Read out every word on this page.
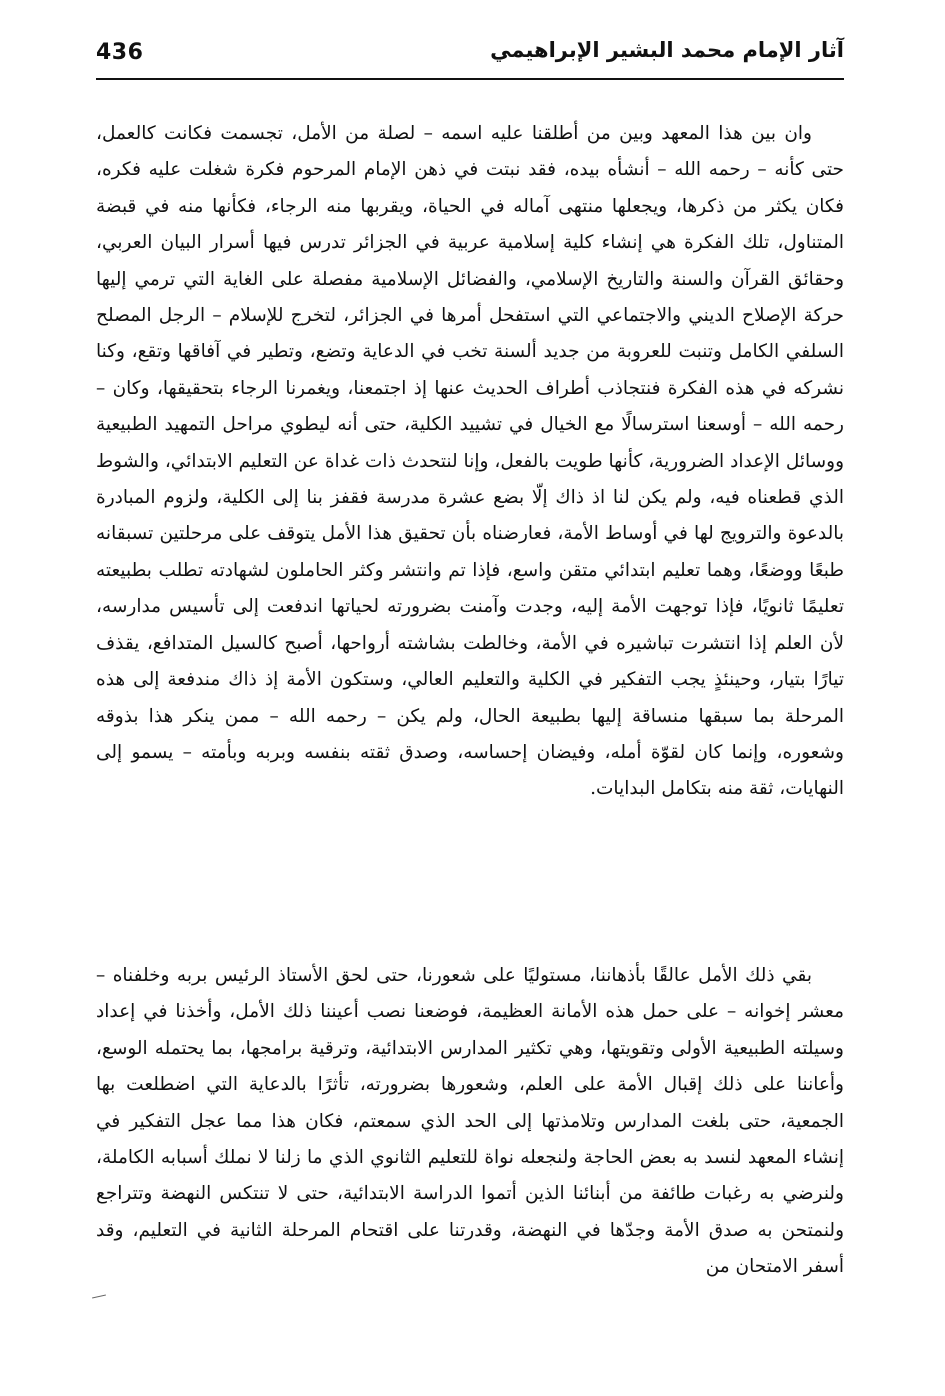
436	آثار الإمام محمد البشير الإبراهيمي

وان بين هذا المعهد وبين من أطلقنا عليه اسمه – لصلة من الأمل، تجسمت فكانت كالعمل، حتى كأنه – رحمه الله – أنشأه بيده، فقد نبتت في ذهن الإمام المرحوم فكرة شغلت عليه فكره، فكان يكثر من ذكرها، ويجعلها منتهى آماله في الحياة، ويقربها منه الرجاء، فكأنها منه في قبضة المتناول، تلك الفكرة هي إنشاء كلية إسلامية عربية في الجزائر تدرس فيها أسرار البيان العربي، وحقائق القرآن والسنة والتاريخ الإسلامي، والفضائل الإسلامية مفصلة على الغاية التي ترمي إليها حركة الإصلاح الديني والاجتماعي التي استفحل أمرها في الجزائر، لتخرج للإسلام – الرجل المصلح السلفي الكامل وتنبت للعروبة من جديد ألسنة تخب في الدعاية وتضع، وتطير في آفاقها وتقع، وكنا نشركه في هذه الفكرة فنتجاذب أطراف الحديث عنها إذ اجتمعنا، ويغمرنا الرجاء بتحقيقها، وكان – رحمه الله – أوسعنا استرسالًا مع الخيال في تشييد الكلية، حتى أنه ليطوي مراحل التمهيد الطبيعية ووسائل الإعداد الضرورية، كأنها طويت بالفعل، وإنا لنتحدث ذات غداة عن التعليم الابتدائي، والشوط الذي قطعناه فيه، ولم يكن لنا اذ ذاك إلّا بضع عشرة مدرسة فقفز بنا إلى الكلية، ولزوم المبادرة بالدعوة والترويج لها في أوساط الأمة، فعارضناه بأن تحقيق هذا الأمل يتوقف على مرحلتين تسبقانه طبعًا ووضعًا، وهما تعليم ابتدائي متقن واسع، فإذا تم وانتشر وكثر الحاملون لشهادته تطلب بطبيعته تعليمًا ثانويًا، فإذا توجهت الأمة إليه، وجدت وآمنت بضرورته لحياتها اندفعت إلى تأسيس مدارسه، لأن العلم إذا انتشرت تباشيره في الأمة، وخالطت بشاشته أرواحها، أصبح كالسيل المتدافع، يقذف تيارًا بتيار، وحينئذٍ يجب التفكير في الكلية والتعليم العالي، وستكون الأمة إذ ذاك مندفعة إلى هذه المرحلة بما سبقها منساقة إليها بطبيعة الحال، ولم يكن – رحمه الله – ممن ينكر هذا بذوقه وشعوره، وإنما كان لقوّة أمله، وفيضان إحساسه، وصدق ثقته بنفسه وبربه وبأمته – يسمو إلى النهايات، ثقة منه بتكامل البدايات.

بقي ذلك الأمل عالقًا بأذهاننا، مستوليًا على شعورنا، حتى لحق الأستاذ الرئيس بربه وخلفناه – معشر إخوانه – على حمل هذه الأمانة العظيمة، فوضعنا نصب أعيننا ذلك الأمل، وأخذنا في إعداد وسيلته الطبيعية الأولى وتقويتها، وهي تكثير المدارس الابتدائية، وترقية برامجها، بما يحتمله الوسع، وأعاننا على ذلك إقبال الأمة على العلم، وشعورها بضرورته، تأثرًا بالدعاية التي اضطلعت بها الجمعية، حتى بلغت المدارس وتلامذتها إلى الحد الذي سمعتم، فكان هذا مما عجل التفكير في إنشاء المعهد لنسد به بعض الحاجة ولنجعله نواة للتعليم الثانوي الذي ما زلنا لا نملك أسبابه الكاملة، ولنرضي به رغبات طائفة من أبنائنا الذين أتموا الدراسة الابتدائية، حتى لا تنتكس النهضة وتتراجع ولنمتحن به صدق الأمة وجدّها في النهضة، وقدرتنا على اقتحام المرحلة الثانية في التعليم، وقد أسفر الامتحان من
